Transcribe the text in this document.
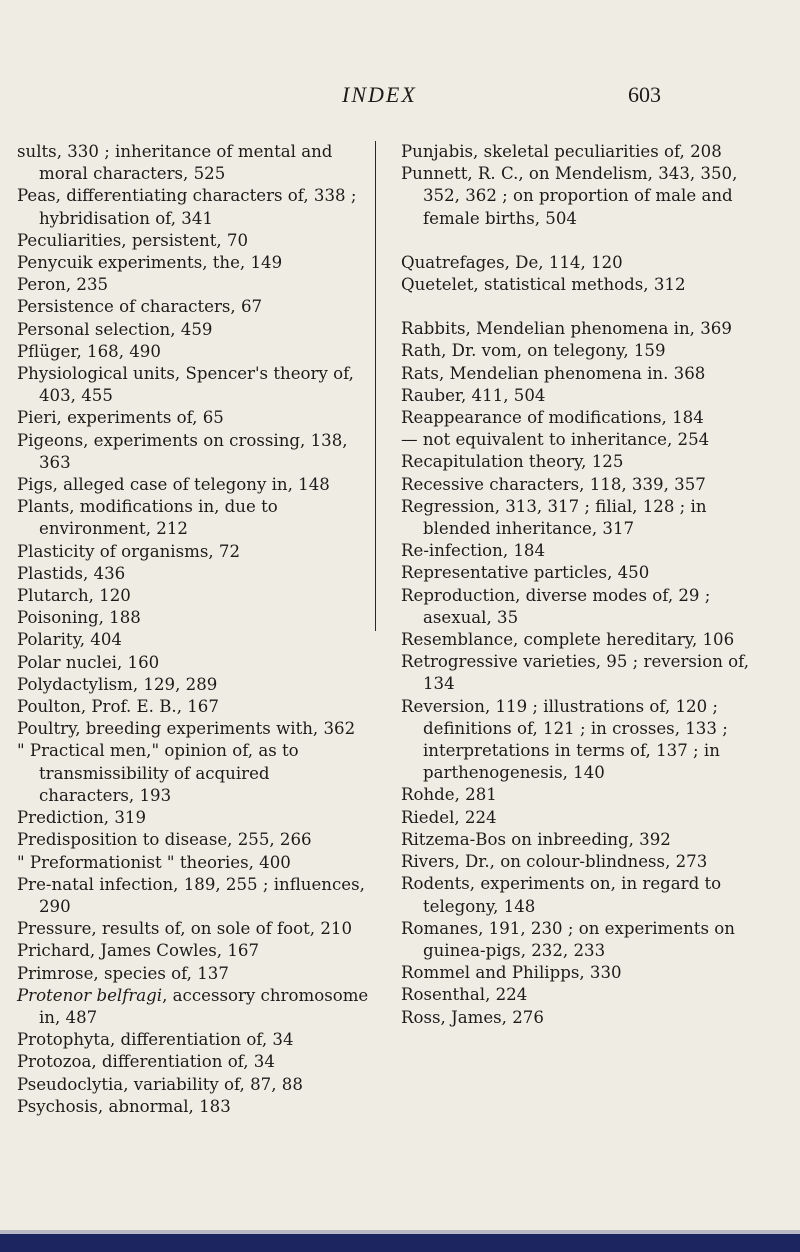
INDEX	603

sults, 330 ; inheritance of mental and moral characters, 525

Peas, differentiating characters of, 338 ; hybridisation of, 341

Peculiarities, persistent, 70

Penycuik experiments, the, 149

Peron, 235

Persistence of characters, 67

Personal selection, 459

Pflüger, 168, 490

Physiological units, Spencer's theory of, 403, 455

Pieri, experiments of, 65

Pigeons, experiments on crossing, 138, 363

Pigs, alleged case of telegony in, 148

Plants, modifications in, due to environment, 212

Plasticity of organisms, 72

Plastids, 436

Plutarch, 120

Poisoning, 188

Polarity, 404

Polar nuclei, 160

Polydactylism, 129, 289

Poulton, Prof. E. B., 167

Poultry, breeding experiments with, 362

" Practical men," opinion of, as to transmissibility of acquired characters, 193

Prediction, 319

Predisposition to disease, 255, 266

" Preformationist " theories, 400

Pre-natal infection, 189, 255 ; influences, 290

Pressure, results of, on sole of foot, 210

Prichard, James Cowles, 167

Primrose, species of, 137

Protenor belfragi, accessory chromosome in, 487

Protophyta, differentiation of, 34

Protozoa, differentiation of, 34

Pseudoclytia, variability of, 87, 88

Psychosis, abnormal, 183

Punjabis, skeletal peculiarities of, 208

Punnett, R. C., on Mendelism, 343, 350, 352, 362 ; on proportion of male and female births, 504

Quatrefages, De, 114, 120

Quetelet, statistical methods, 312

Rabbits, Mendelian phenomena in, 369

Rath, Dr. vom, on telegony, 159

Rats, Mendelian phenomena in. 368

Rauber, 411, 504

Reappearance of modifications, 184

— not equivalent to inheritance, 254

Recapitulation theory, 125

Recessive characters, 118, 339, 357

Regression, 313, 317 ; filial, 128 ; in blended inheritance, 317

Re-infection, 184

Representative particles, 450

Reproduction, diverse modes of, 29 ; asexual, 35

Resemblance, complete hereditary, 106

Retrogressive varieties, 95 ; reversion of, 134

Reversion, 119 ; illustrations of, 120 ; definitions of, 121 ; in crosses, 133 ; interpretations in terms of, 137 ; in parthenogenesis, 140

Rohde, 281

Riedel, 224

Ritzema-Bos on inbreeding, 392

Rivers, Dr., on colour-blindness, 273

Rodents, experiments on, in regard to telegony, 148

Romanes, 191, 230 ; on experiments on guinea-pigs, 232, 233

Rommel and Philipps, 330

Rosenthal, 224

Ross, James, 276
